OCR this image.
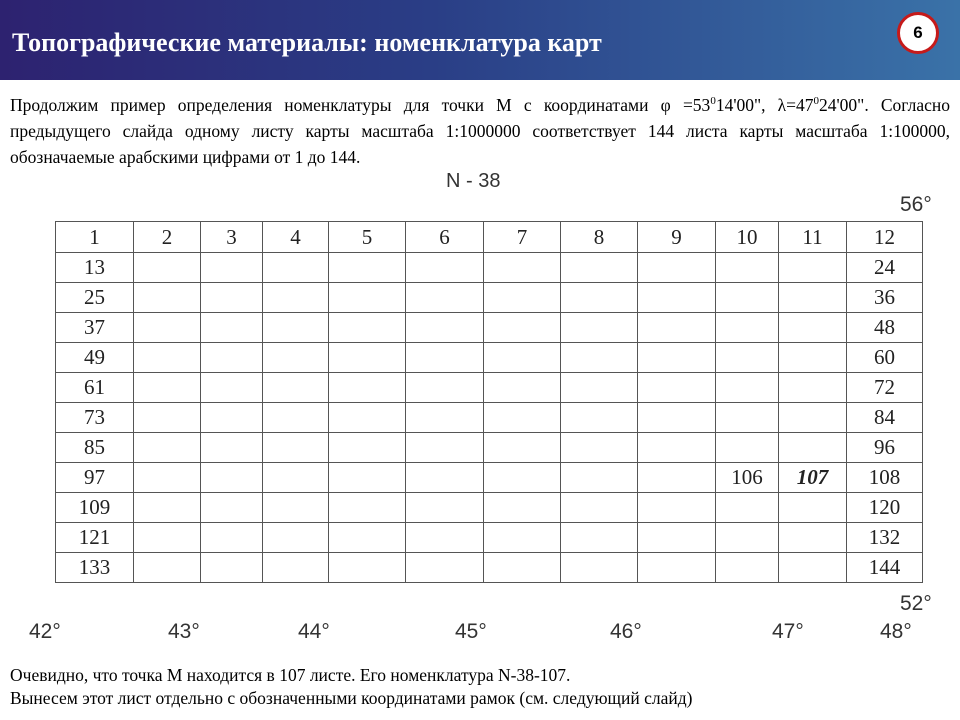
Топографические материалы: номенклатура карт	6
Продолжим пример определения номенклатуры для точки М с координатами $\varphi =53^014'00$", $\lambda=47^024'00$". Согласно предыдущего слайда одному листу карты масштаба 1:1000000 соответствует 144 листа карты масштаба 1:100000, обозначаемые арабскими цифрами от 1 до 144.
N - 38
56°
1	2	3	4	5	6	7	8	9	10	11	12
13											24
25											36
37											48
49											60
61											72
73											84
85											96
97									106	107	108
109											120
121											132
133											144
52°
42°	43°	44°	45°	46°	47°	48°
Очевидно, что точка М находится в 107 листе. Его номенклатура N-38-107.
Вынесем этот лист отдельно с обозначенными координатами рамок (см. следующий слайд)
